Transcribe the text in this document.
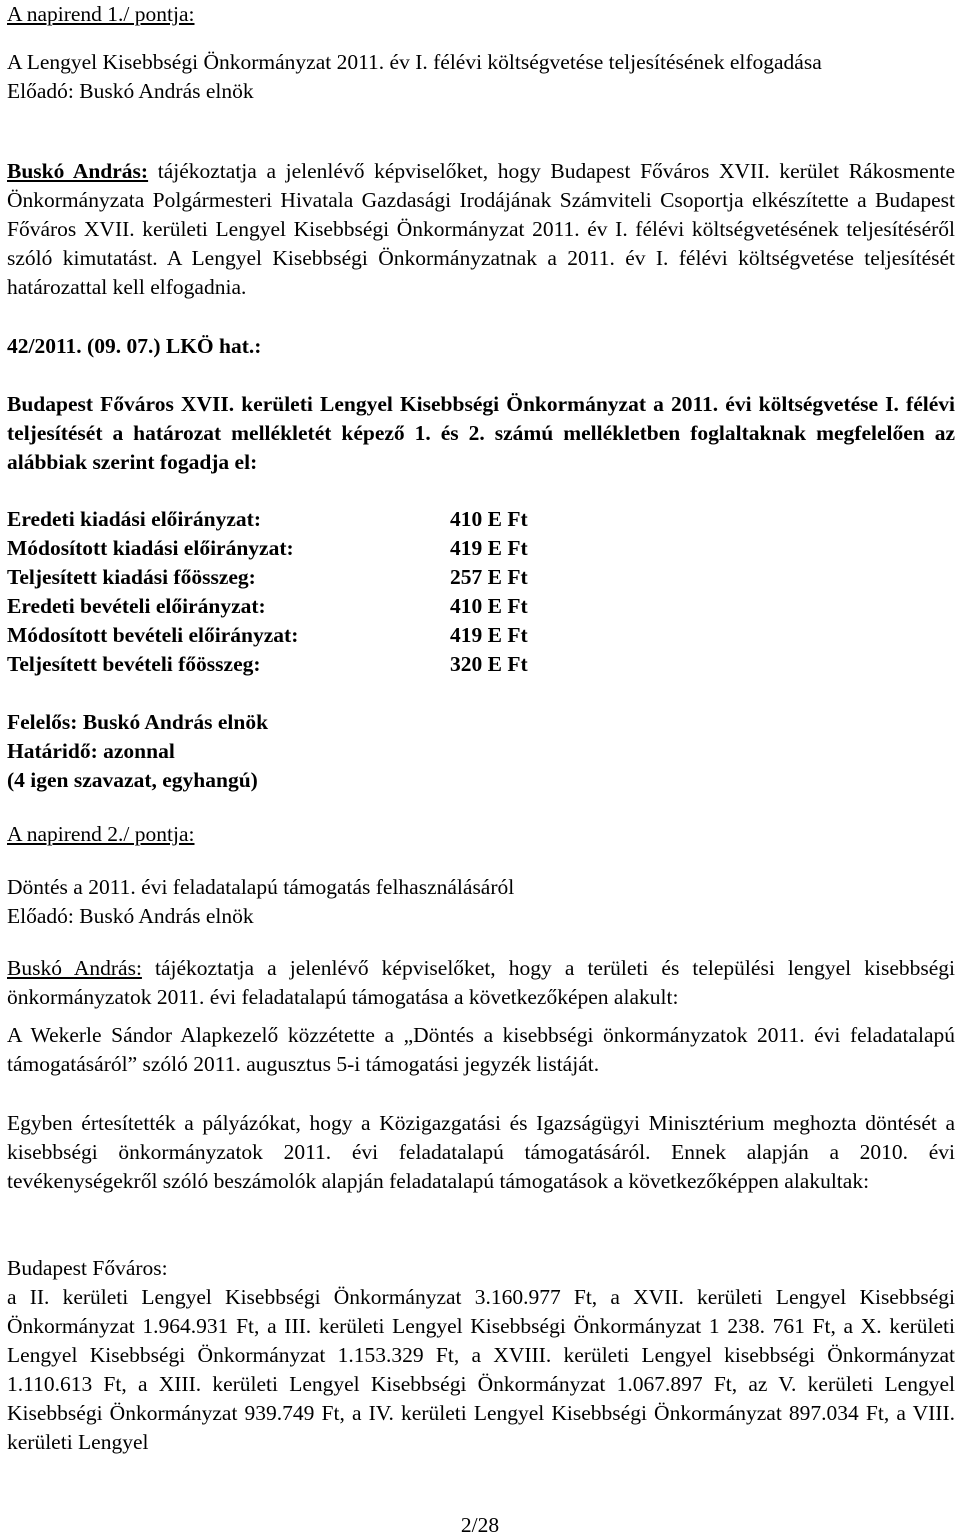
A napirend 1./ pontja:

A Lengyel Kisebbségi Önkormányzat 2011. év I. félévi költségvetése teljesítésének elfogadása

Előadó: Buskó András elnök

Buskó András: tájékoztatja a jelenlévő képviselőket, hogy Budapest Főváros XVII. kerület Rákosmente Önkormányzata Polgármesteri Hivatala Gazdasági Irodájának Számviteli Csoportja elkészítette a Budapest Főváros XVII. kerületi Lengyel Kisebbségi Önkormányzat 2011. év I. félévi költségvetésének teljesítéséről szóló kimutatást. A Lengyel Kisebbségi Önkormányzatnak a 2011. év I. félévi költségvetése teljesítését határozattal kell elfogadnia.

42/2011. (09. 07.) LKÖ hat.:

Budapest Főváros XVII. kerületi Lengyel Kisebbségi Önkormányzat a 2011. évi költségvetése I. félévi teljesítését a határozat mellékletét képező 1. és 2. számú mellékletben foglaltaknak megfelelően az alábbiak szerint fogadja el:

Eredeti kiadási előirányzat:	410 E Ft
Módosított kiadási előirányzat:	419 E Ft
Teljesített kiadási főösszeg:	257 E Ft
Eredeti bevételi előirányzat:	410 E Ft
Módosított bevételi előirányzat:	419 E Ft
Teljesített bevételi főösszeg:	320 E Ft

Felelős: Buskó András elnök

Határidő: azonnal

(4 igen szavazat, egyhangú)

A napirend 2./ pontja:

Döntés a 2011. évi feladatalapú támogatás felhasználásáról

Előadó: Buskó András elnök

Buskó András: tájékoztatja a jelenlévő képviselőket, hogy a területi és települési lengyel kisebbségi önkormányzatok 2011. évi feladatalapú támogatása a következőképen alakult:

A Wekerle Sándor Alapkezelő közzétette a „Döntés a kisebbségi önkormányzatok 2011. évi feladatalapú támogatásáról” szóló 2011. augusztus 5-i támogatási jegyzék listáját.

Egyben értesítették a pályázókat, hogy a Közigazgatási és Igazságügyi Minisztérium meghozta döntését a kisebbségi önkormányzatok 2011. évi feladatalapú támogatásáról. Ennek alapján a 2010. évi tevékenységekről szóló beszámolók alapján feladatalapú támogatások a következőképpen alakultak:

Budapest Főváros:

a II. kerületi Lengyel Kisebbségi Önkormányzat 3.160.977 Ft, a XVII. kerületi Lengyel Kisebbségi Önkormányzat 1.964.931 Ft, a III. kerületi Lengyel Kisebbségi Önkormányzat 1 238. 761 Ft, a X. kerületi Lengyel Kisebbségi Önkormányzat 1.153.329 Ft, a XVIII. kerületi Lengyel kisebbségi Önkormányzat 1.110.613 Ft, a XIII. kerületi Lengyel Kisebbségi Önkormányzat 1.067.897 Ft, az V. kerületi Lengyel Kisebbségi Önkormányzat 939.749 Ft, a IV. kerületi Lengyel Kisebbségi Önkormányzat 897.034 Ft, a VIII. kerületi Lengyel

2/28
